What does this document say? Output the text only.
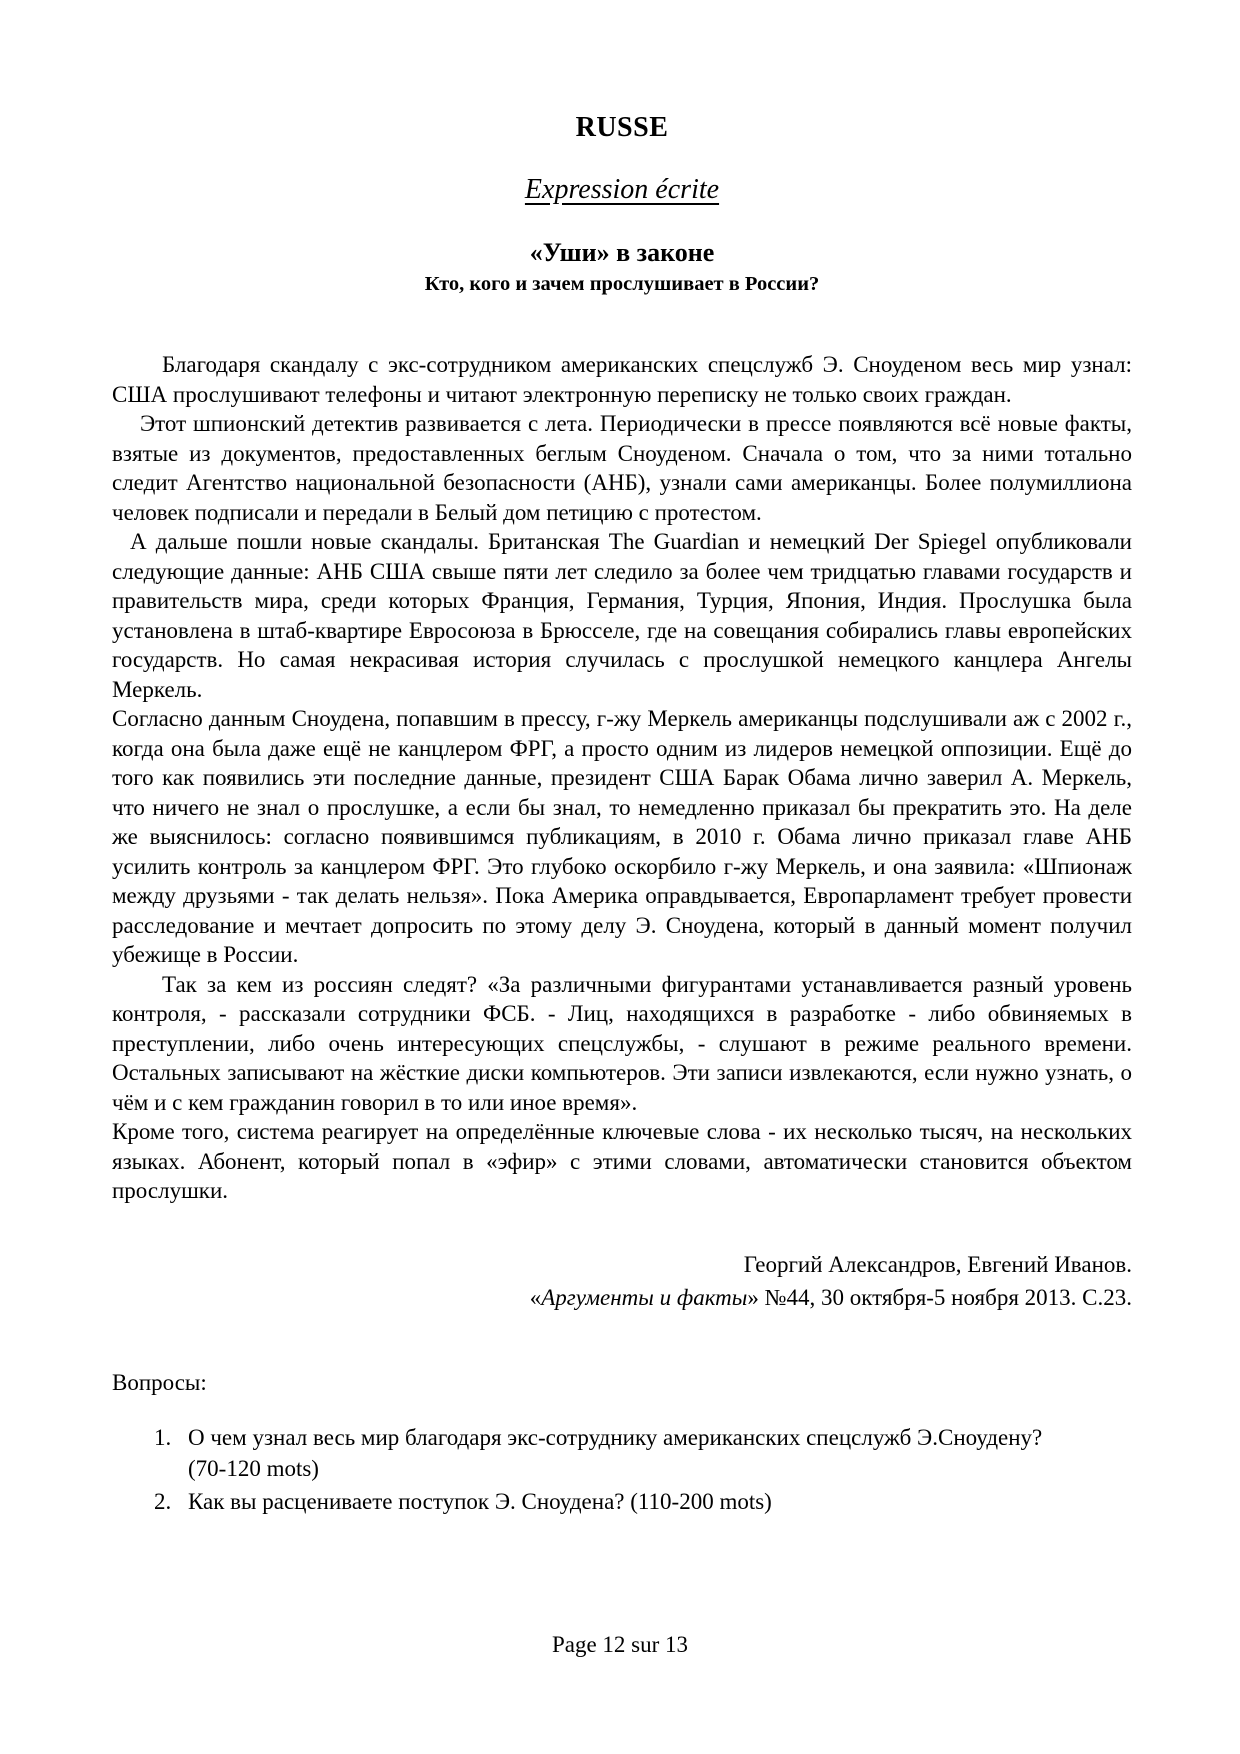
RUSSE
Expression écrite
«Уши» в законе
Кто, кого и зачем прослушивает в России?

Благодаря скандалу с экс-сотрудником американских спецслужб Э. Сноуденом весь мир узнал: США прослушивают телефоны и читают электронную переписку не только своих граждан.

Этот шпионский детектив развивается с лета. Периодически в прессе появляются всё новые факты, взятые из документов, предоставленных беглым Сноуденом. Сначала о том, что за ними тотально следит Агентство национальной безопасности (АНБ), узнали сами американцы. Более полумиллиона человек подписали и передали в Белый дом петицию с протестом.

А дальше пошли новые скандалы. Британская The Guardian и немецкий Der Spiegel опубликовали следующие данные: АНБ США свыше пяти лет следило за более чем тридцатью главами государств и правительств мира, среди которых Франция, Германия, Турция, Япония, Индия. Прослушка была установлена в штаб-квартире Евросоюза в Брюсселе, где на совещания собирались главы европейских государств. Но самая некрасивая история случилась с прослушкой немецкого канцлера Ангелы Меркель.

Согласно данным Сноудена, попавшим в прессу, г-жу Меркель американцы подслушивали аж с 2002 г., когда она была даже ещё не канцлером ФРГ, а просто одним из лидеров немецкой оппозиции. Ещё до того как появились эти последние данные, президент США Барак Обама лично заверил А. Меркель, что ничего не знал о прослушке, а если бы знал, то немедленно приказал бы прекратить это. На деле же выяснилось: согласно появившимся публикациям, в 2010 г. Обама лично приказал главе АНБ усилить контроль за канцлером ФРГ. Это глубоко оскорбило г-жу Меркель, и она заявила: «Шпионаж между друзьями - так делать нельзя». Пока Америка оправдывается, Европарламент требует провести расследование и мечтает допросить по этому делу Э. Сноудена, который в данный момент получил убежище в России.

Так за кем из россиян следят? «За различными фигурантами устанавливается разный уровень контроля, - рассказали сотрудники ФСБ. - Лиц, находящихся в разработке - либо обвиняемых в преступлении, либо очень интересующих спецслужбы, - слушают в режиме реального времени. Остальных записывают на жёсткие диски компьютеров. Эти записи извлекаются, если нужно узнать, о чём и с кем гражданин говорил в то или иное время».

Кроме того, система реагирует на определённые ключевые слова - их несколько тысяч, на нескольких языках. Абонент, который попал в «эфир» с этими словами, автоматически становится объектом прослушки.

Георгий Александров, Евгений Иванов.
«Аргументы и факты» №44, 30 октября-5 ноября 2013. С.23.
Вопросы:
О чем узнал весь мир благодаря экс-сотруднику американских спецслужб Э.Сноудену?
(70-120 mots)
Как вы расцениваете поступок Э. Сноудена? (110-200 mots)
Page 12 sur 13
